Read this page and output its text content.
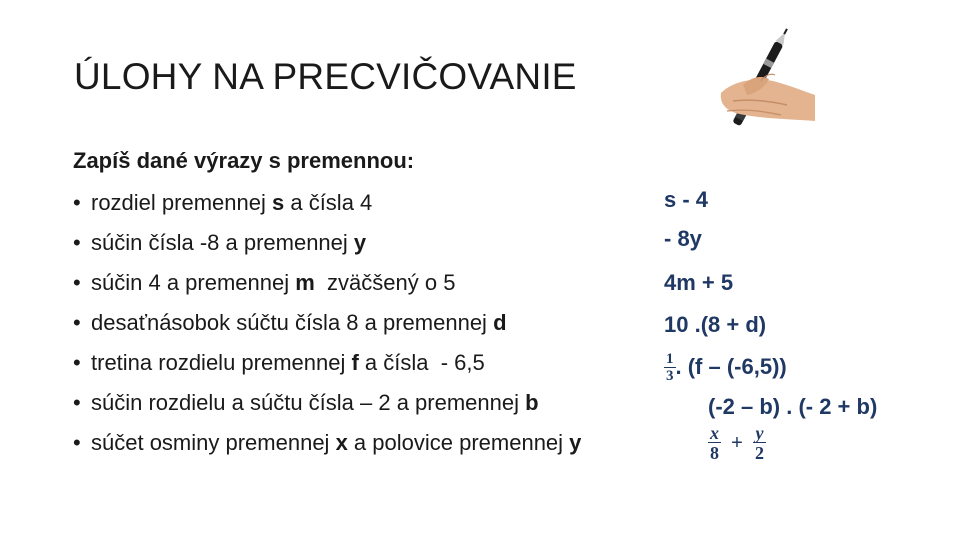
ÚLOHY NA PRECVIČOVANIE
Zapíš dané výrazy s premennou:
• rozdiel premennej s a čísla 4
• súčin čísla -8 a premennej y
• súčin 4 a premennej m  zväčšený o 5
• desaťnásobok súčtu čísla 8 a premennej d
• tretina rozdielu premennej f a čísla  - 6,5
• súčin rozdielu a súčtu čísla – 2 a premennej b
• súčet osminy premennej x a polovice premennej y
s - 4
- 8y
4m + 5
10 .(8 + d)
$\frac{1}{3}$ . (f – (-6,5))
(-2 – b) . (- 2 + b)
$\frac{x}{8} + \frac{y}{2}$
